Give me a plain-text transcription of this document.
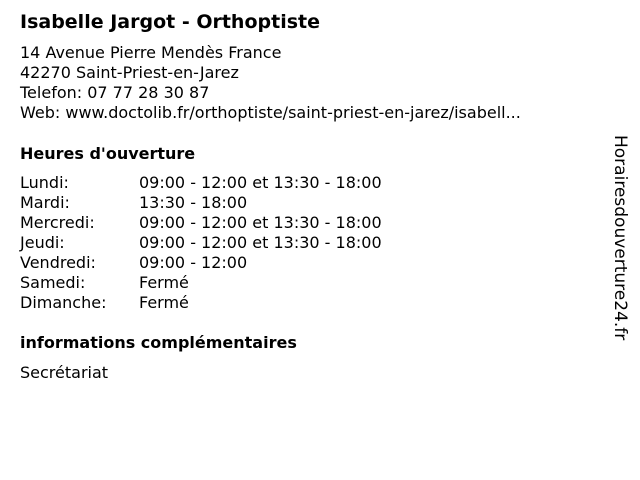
Isabelle Jargot - Orthoptiste
14 Avenue Pierre Mendès France
42270 Saint-Priest-en-Jarez
Telefon: 07 77 28 30 87
Web: www.doctolib.fr/orthoptiste/saint-priest-en-jarez/isabell...
Heures d'ouverture
Lundi:	09:00 - 12:00 et 13:30 - 18:00
Mardi:	13:30 - 18:00
Mercredi:	09:00 - 12:00 et 13:30 - 18:00
Jeudi:	09:00 - 12:00 et 13:30 - 18:00
Vendredi:	09:00 - 12:00
Samedi:	Fermé
Dimanche:	Fermé
informations complémentaires
Secrétariat
Horairesdouverture24.fr
